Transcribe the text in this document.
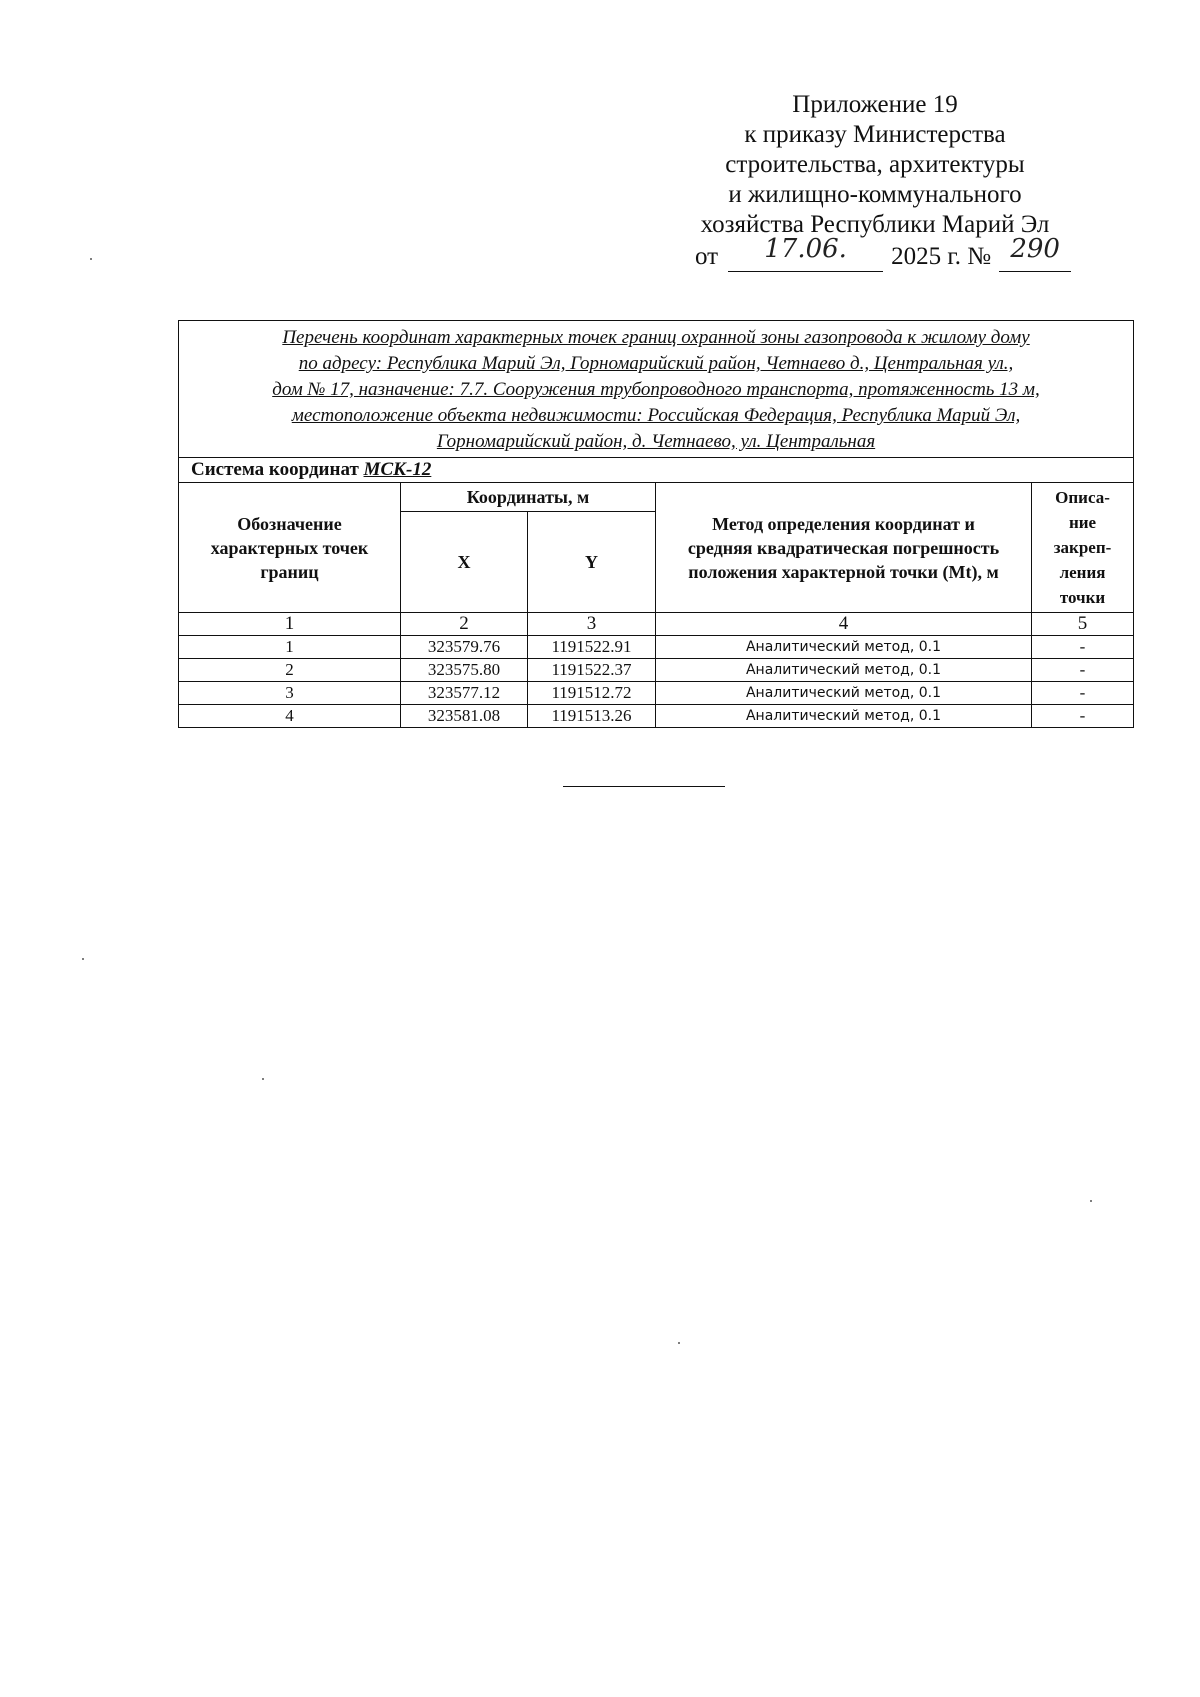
Приложение 19
к приказу Министерства
строительства, архитектуры
и жилищно-коммунального
хозяйства Республики Марий Эл
от	17.06.	2025 г. № 290
Перечень координат характерных точек границ охранной зоны газопровода к жилому дому
по адресу: Республика Марий Эл, Горномарийский район, Четнаево д., Центральная ул.,
дом № 17, назначение: 7.7. Сооружения трубопроводного транспорта, протяженность 13 м,
местоположение объекта недвижимости: Российская Федерация, Республика Марий Эл,
Горномарийский район, д. Четнаево, ул. Центральная				

Система координат МСК-12				
Обозначение характерных точек границ	Координаты, м		Метод определения координат и средняя квадратическая погрешность положения характерной точки (Mt), м	Описа-
ние
закреп-
ления
точки

	X	Y		
1	2	3	4	5
1	323579.76	1191522.91	Аналитический метод, 0.1	-
2	323575.80	1191522.37	Аналитический метод, 0.1	-
3	323577.12	1191512.72	Аналитический метод, 0.1	-
4	323581.08	1191513.26	Аналитический метод, 0.1	-
